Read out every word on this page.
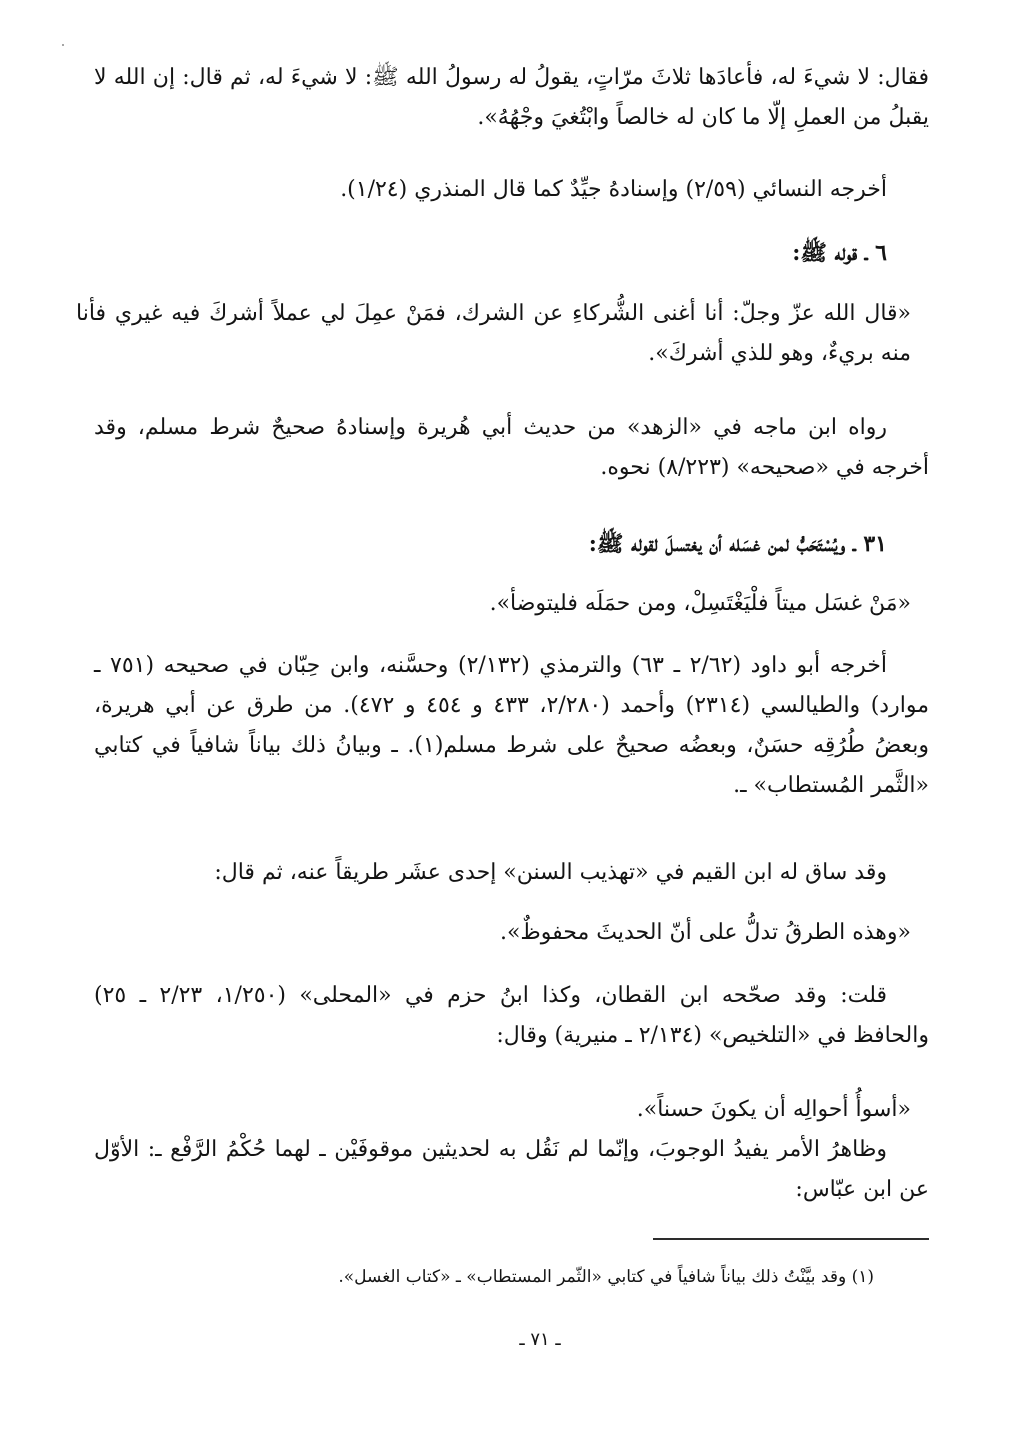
فقال: لا شيءَ له، فأعادَها ثلاثَ مرّاتٍ، يقولُ له رسولُ الله ﷺ: لا شيءَ له، ثم قال: إن الله لا يقبلُ من العملِ إلّا ما كان له خالصاً وابْتُغيَ وجْهُهُ».
أخرجه النسائي (٢/٥٩) وإسنادهُ جيِّدٌ كما قال المنذري (١/٢٤).
٦ ـ قوله ﷺ:
«قال الله عزّ وجلّ: أنا أغنى الشُّركاءِ عن الشرك، فمَنْ عمِلَ لي عملاً أشركَ فيه غيري فأنا منه بريءٌ، وهو للذي أشركَ».
رواه ابن ماجه في «الزهد» من حديث أبي هُريرة وإسنادهُ صحيحٌ شرط مسلم، وقد أخرجه في «صحيحه» (٨/٢٢٣) نحوه.
٣١ ـ ويُسْتَحَبُّ لمن غسَله أن يغتسلَ لقوله ﷺ:
«مَنْ غسَل ميتاً فلْيَغْتَسِلْ، ومن حمَلَه فليتوضأ».
أخرجه أبو داود (٢/٦٢ ـ ٦٣) والترمذي (٢/١٣٢) وحسَّنه، وابن حِبّان في صحيحه (٧٥١ ـ موارد) والطيالسي (٢٣١٤) وأحمد (٢/٢٨٠، ٤٣٣ و ٤٥٤ و ٤٧٢). من طرق عن أبي هريرة، وبعضُ طُرُقِه حسَنٌ، وبعضُه صحيحٌ على شرط مسلم(١). ـ وبيانُ ذلك بياناً شافياً في كتابي «الثَّمر المُستطاب» ـ.
وقد ساق له ابن القيم في «تهذيب السنن» إحدى عشَر طريقاً عنه، ثم قال:
«وهذه الطرقُ تدلُّ على أنّ الحديثَ محفوظٌ».
قلت: وقد صحّحه ابن القطان، وكذا ابنُ حزم في «المحلى» (١/٢٥٠، ٢/٢٣ ـ ٢٥) والحافظ في «التلخيص» (٢/١٣٤ ـ منيرية) وقال:
«أسوأُ أحوالِه أن يكونَ حسناً».
وظاهرُ الأمر يفيدُ الوجوبَ، وإنّما لم نَقُل به لحديثين موقوفَيْن ـ لهما حُكْمُ الرَّفْع ـ: الأوّل عن ابن عبّاس:
(١) وقد بيَّنْتُ ذلك بياناً شافياً في كتابي «الثّمر المستطاب» ـ «كتاب الغسل».
ـ ٧١ ـ
